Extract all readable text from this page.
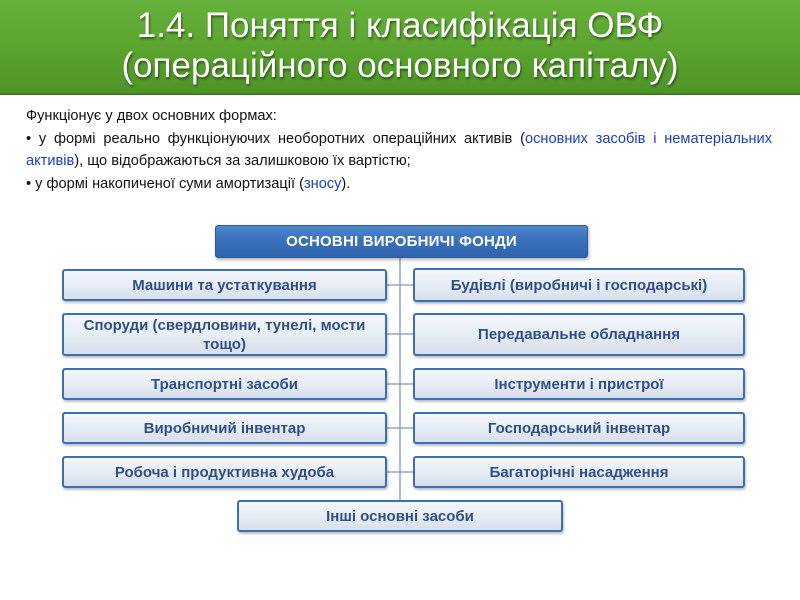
1.4. Поняття і класифікація ОВФ
(операційного основного капіталу)

Функціонує у двох основних формах:

• у формі реально функціонуючих необоротних операційних активів (основних засобів і нематеріальних активів), що відображаються за залишковою їх вартістю;

• у формі накопиченої суми амортизації (зносу).

ОСНОВНІ ВИРОБНИЧІ ФОНДИ
Машини та устаткування
Споруди (свердловини, тунелі, мости тощо)
Транспортні засоби
Виробничий інвентар
Робоча і продуктивна худоба
Будівлі (виробничі і господарські)
Передавальне обладнання
Інструменти і пристрої
Господарський інвентар
Багаторічні насадження
Інші основні засоби
